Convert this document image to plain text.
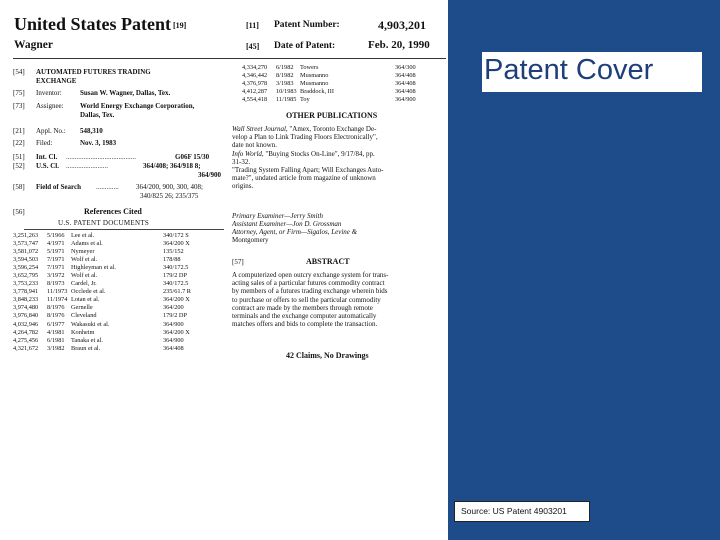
United States Patent [19]
Wagner
[11] Patent Number:	4,903,201
[45] Date of Patent:	Feb. 20, 1990
[54] AUTOMATED FUTURES TRADING
EXCHANGE
[75] Inventor:	Susan W. Wagner, Dallas, Tex.
[73] Assignee: World Energy Exchange Corporation,
Dallas, Tex.
[21] Appl. No.: 548,310
[22] Filed:	Nov. 3, 1983
[51] Int. Cl. ........................................	G06F 15/30
[52] U.S. Cl. ........................	364/408; 364/918 8;
364/900
[58] Field of Search ............. 364/200, 900, 300, 408;
340/825 26; 235/375
[56]	References Cited
U.S. PATENT DOCUMENTS
3,251,263 5/1966 Lee et al.	340/172 S
3,573,747 4/1971 Adams et al.	364/200 X
3,581,072 5/1971 Nymeyer	135/152
3,594,503 7/1971 Wolf et al.	178/88
3,596,254 7/1971 Highleyman et al.	340/172.5
3,652,795 3/1972 Wolf et al.	179/2 DP
3,753,233 8/1973 Cardel, Jr.	340/172.5
3,778,941 11/1973 Occlede et al.	235/61.7 R
3,848,233 11/1974 Lotan et al.	364/200 X
3,974,480 8/1976 Gernelle	364/200
3,976,840 8/1976 Cleveland	179/2 DP
4,032,946 6/1977 Wakasuki et al.	364/900
4,264,782 4/1981 Konheim	364/200 X
4,275,456 6/1981 Tanaka et al.	364/900
4,321,672 3/1982 Braun et al.	364/408
4,334,270 6/1982 Towers	364/300
4,346,442 8/1982 Musmanno	364/408
4,376,978 3/1983 Musmanno	364/408
4,412,287 10/1983 Braddock, III	364/408
4,554,418 11/1985 Toy	364/900
OTHER PUBLICATIONS
Wall Street Journal, "Amex, Toronto Exchange De-
velop a Plan to Link Trading Floors Electronically",
date not known.
Info World, "Buying Stocks On-Line", 9/17/84, pp.
31-32.
"Trading System Falling Apart; Will Exchanges Auto-
mate?", undated article from magazine of unknown
origins.
Primary Examiner—Jerry Smith
Assistant Examiner—Jon D. Grossman
Attorney, Agent, or Firm—Sigalos, Levine &
Montgomery
[57]	ABSTRACT
A computerized open outcry exchange system for trans-
acting sales of a particular futures commodity contract
by members of a futures trading exchange wherein bids
to purchase or offers to sell the particular commodity
contract are made by the members through remote
terminals and the exchange computer automatically
matches offers and bids to complete the transaction.
42 Claims, No Drawings
Patent Cover
Source: US Patent 4903201
